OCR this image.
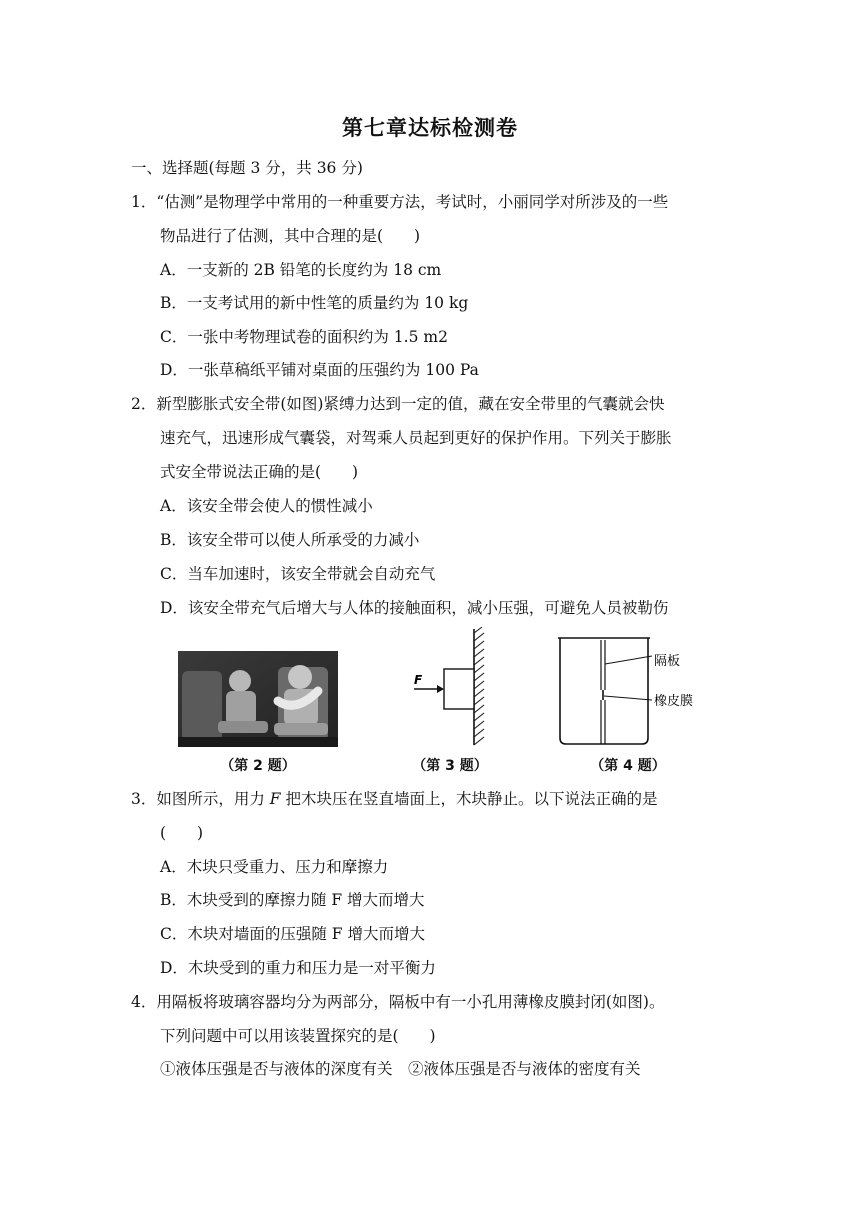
第七章达标检测卷
一、选择题(每题 3 分，共 36 分)
1．“估测”是物理学中常用的一种重要方法，考试时，小丽同学对所涉及的一些
物品进行了估测，其中合理的是(　　)
A．一支新的 2B 铅笔的长度约为 18 cm
B．一支考试用的新中性笔的质量约为 10 kg
C．一张中考物理试卷的面积约为 1.5 m2
D．一张草稿纸平铺对桌面的压强约为 100 Pa
2．新型膨胀式安全带(如图)紧缚力达到一定的值，藏在安全带里的气囊就会快
速充气，迅速形成气囊袋，对驾乘人员起到更好的保护作用。下列关于膨胀
式安全带说法正确的是(　　)
A．该安全带会使人的惯性减小
B．该安全带可以使人所承受的力减小
C．当车加速时，该安全带就会自动充气
D．该安全带充气后增大与人体的接触面积，减小压强，可避免人员被勒伤
（第 2 题）
F
（第 3 题）
隔板
橡皮膜
（第 4 题）
3．如图所示，用力 F 把木块压在竖直墙面上，木块静止。以下说法正确的是
(　　)
A．木块只受重力、压力和摩擦力
B．木块受到的摩擦力随 F 增大而增大
C．木块对墙面的压强随 F 增大而增大
D．木块受到的重力和压力是一对平衡力
4．用隔板将玻璃容器均分为两部分，隔板中有一小孔用薄橡皮膜封闭(如图)。
下列问题中可以用该装置探究的是(　　)
①液体压强是否与液体的深度有关　②液体压强是否与液体的密度有关
